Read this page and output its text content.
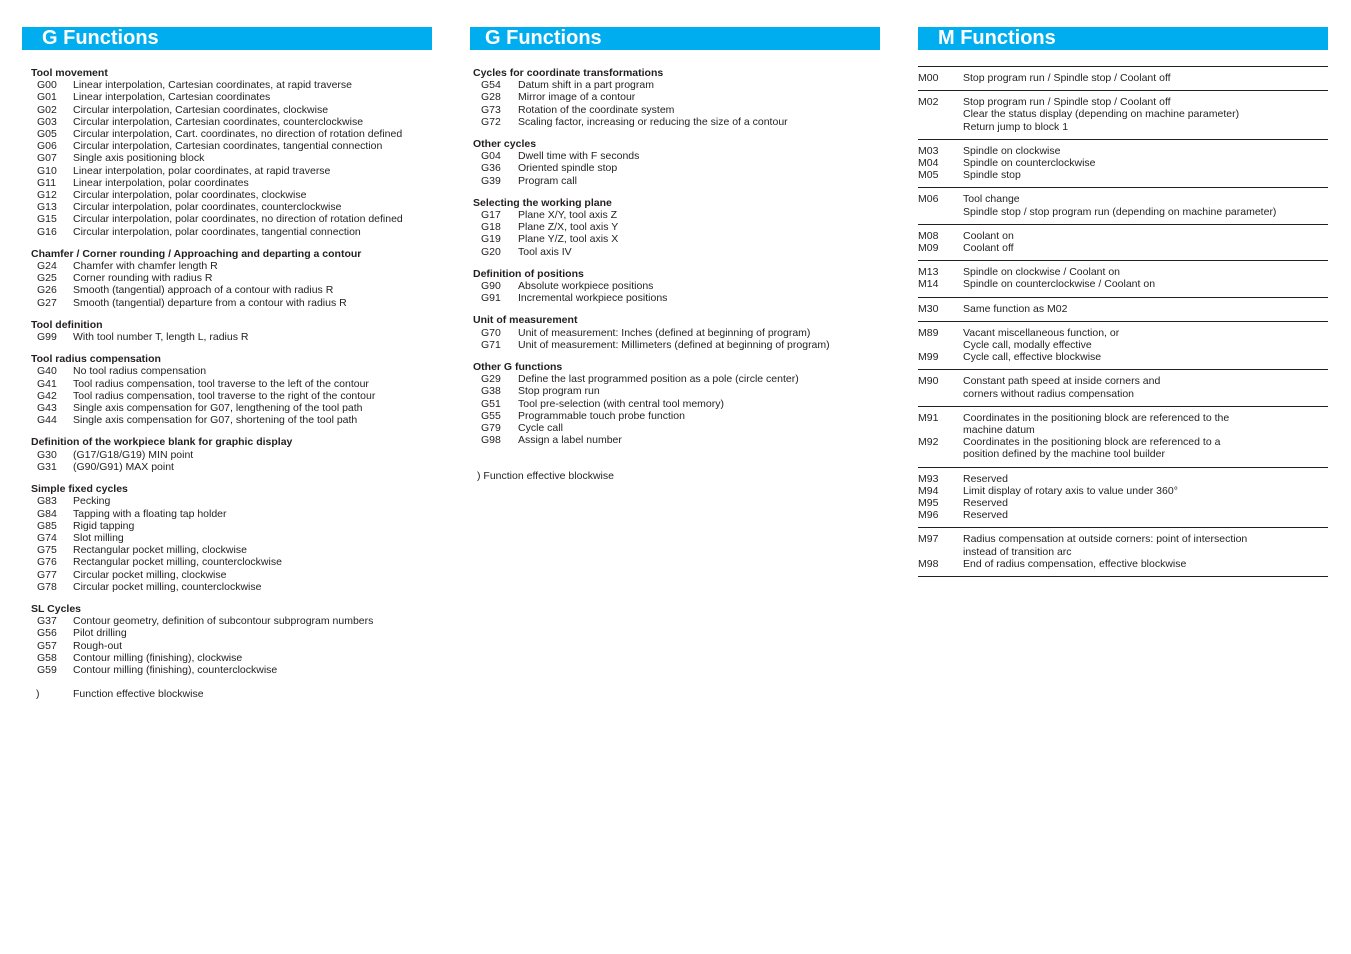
G Functions
Tool movement
G00	Linear interpolation, Cartesian coordinates, at rapid traverse
G01	Linear interpolation, Cartesian coordinates
G02	Circular interpolation, Cartesian coordinates, clockwise
G03	Circular interpolation, Cartesian coordinates, counterclockwise
G05	Circular interpolation, Cart. coordinates, no direction of rotation defined
G06	Circular interpolation, Cartesian coordinates, tangential connection
G07	Single axis positioning block
G10	Linear interpolation, polar coordinates, at rapid traverse
G11	Linear interpolation, polar coordinates
G12	Circular interpolation, polar coordinates, clockwise
G13	Circular interpolation, polar coordinates, counterclockwise
G15	Circular interpolation, polar coordinates, no direction of rotation defined
G16	Circular interpolation, polar coordinates, tangential connection
Chamfer / Corner rounding / Approaching and departing a contour
G24	Chamfer with chamfer length R
G25	Corner rounding with radius R
G26	Smooth (tangential) approach of a contour with radius R
G27	Smooth (tangential) departure from a contour with radius R
Tool definition
G99	With tool number T, length L, radius R
Tool radius compensation
G40	No tool radius compensation
G41	Tool radius compensation, tool traverse to the left of the contour
G42	Tool radius compensation, tool traverse to the right of the contour
G43	Single axis compensation for G07, lengthening of the tool path
G44	Single axis compensation for G07, shortening of the tool path
Definition of the workpiece blank for graphic display
G30	(G17/G18/G19) MIN point
G31	(G90/G91) MAX point
Simple fixed cycles
G83	Pecking
G84	Tapping with a floating tap holder
G85	Rigid tapping
G74	Slot milling
G75	Rectangular pocket milling, clockwise
G76	Rectangular pocket milling, counterclockwise
G77	Circular pocket milling, clockwise
G78	Circular pocket milling, counterclockwise
SL Cycles
G37	Contour geometry, definition of subcontour subprogram numbers
G56	Pilot drilling
G57	Rough-out
G58	Contour milling (finishing), clockwise
G59	Contour milling (finishing), counterclockwise
)	Function effective blockwise
G Functions
Cycles for coordinate transformations
G54	Datum shift in a part program
G28	Mirror image of a contour
G73	Rotation of the coordinate system
G72	Scaling factor, increasing or reducing the size of a contour
Other cycles
G04	Dwell time with F seconds
G36	Oriented spindle stop
G39	Program call
Selecting the working plane
G17	Plane X/Y, tool axis Z
G18	Plane Z/X, tool axis Y
G19	Plane Y/Z, tool axis X
G20	Tool axis IV
Definition of positions
G90	Absolute workpiece positions
G91	Incremental workpiece positions
Unit of measurement
G70	Unit of measurement: Inches (defined at beginning of program)
G71	Unit of measurement: Millimeters (defined at beginning of program)
Other G functions
G29	Define the last programmed position as a pole (circle center)
G38	Stop program run
G51	Tool pre-selection (with central tool memory)
G55	Programmable touch probe function
G79	Cycle call
G98	Assign a label number
) Function effective blockwise
M Functions
M00	Stop program run / Spindle stop / Coolant off
M02	Stop program run / Spindle stop / Coolant off
Clear the status display (depending on machine parameter)
Return jump to block 1
M03	Spindle on clockwise
M04	Spindle on counterclockwise
M05	Spindle stop
M06	Tool change
Spindle stop / stop program run (depending on machine parameter)
M08	Coolant on
M09	Coolant off
M13	Spindle on clockwise / Coolant on
M14	Spindle on counterclockwise / Coolant on
M30	Same function as M02
M89	Vacant miscellaneous function, or
Cycle call, modally effective
M99	Cycle call, effective blockwise
M90	Constant path speed at inside corners and
corners without radius compensation
M91	Coordinates in the positioning block are referenced to the
machine datum
M92	Coordinates in the positioning block are referenced to a
position defined by the machine tool builder
M93	Reserved
M94	Limit display of rotary axis to value under 360°
M95	Reserved
M96	Reserved
M97	Radius compensation at outside corners: point of intersection
instead of transition arc
M98	End of radius compensation, effective blockwise
